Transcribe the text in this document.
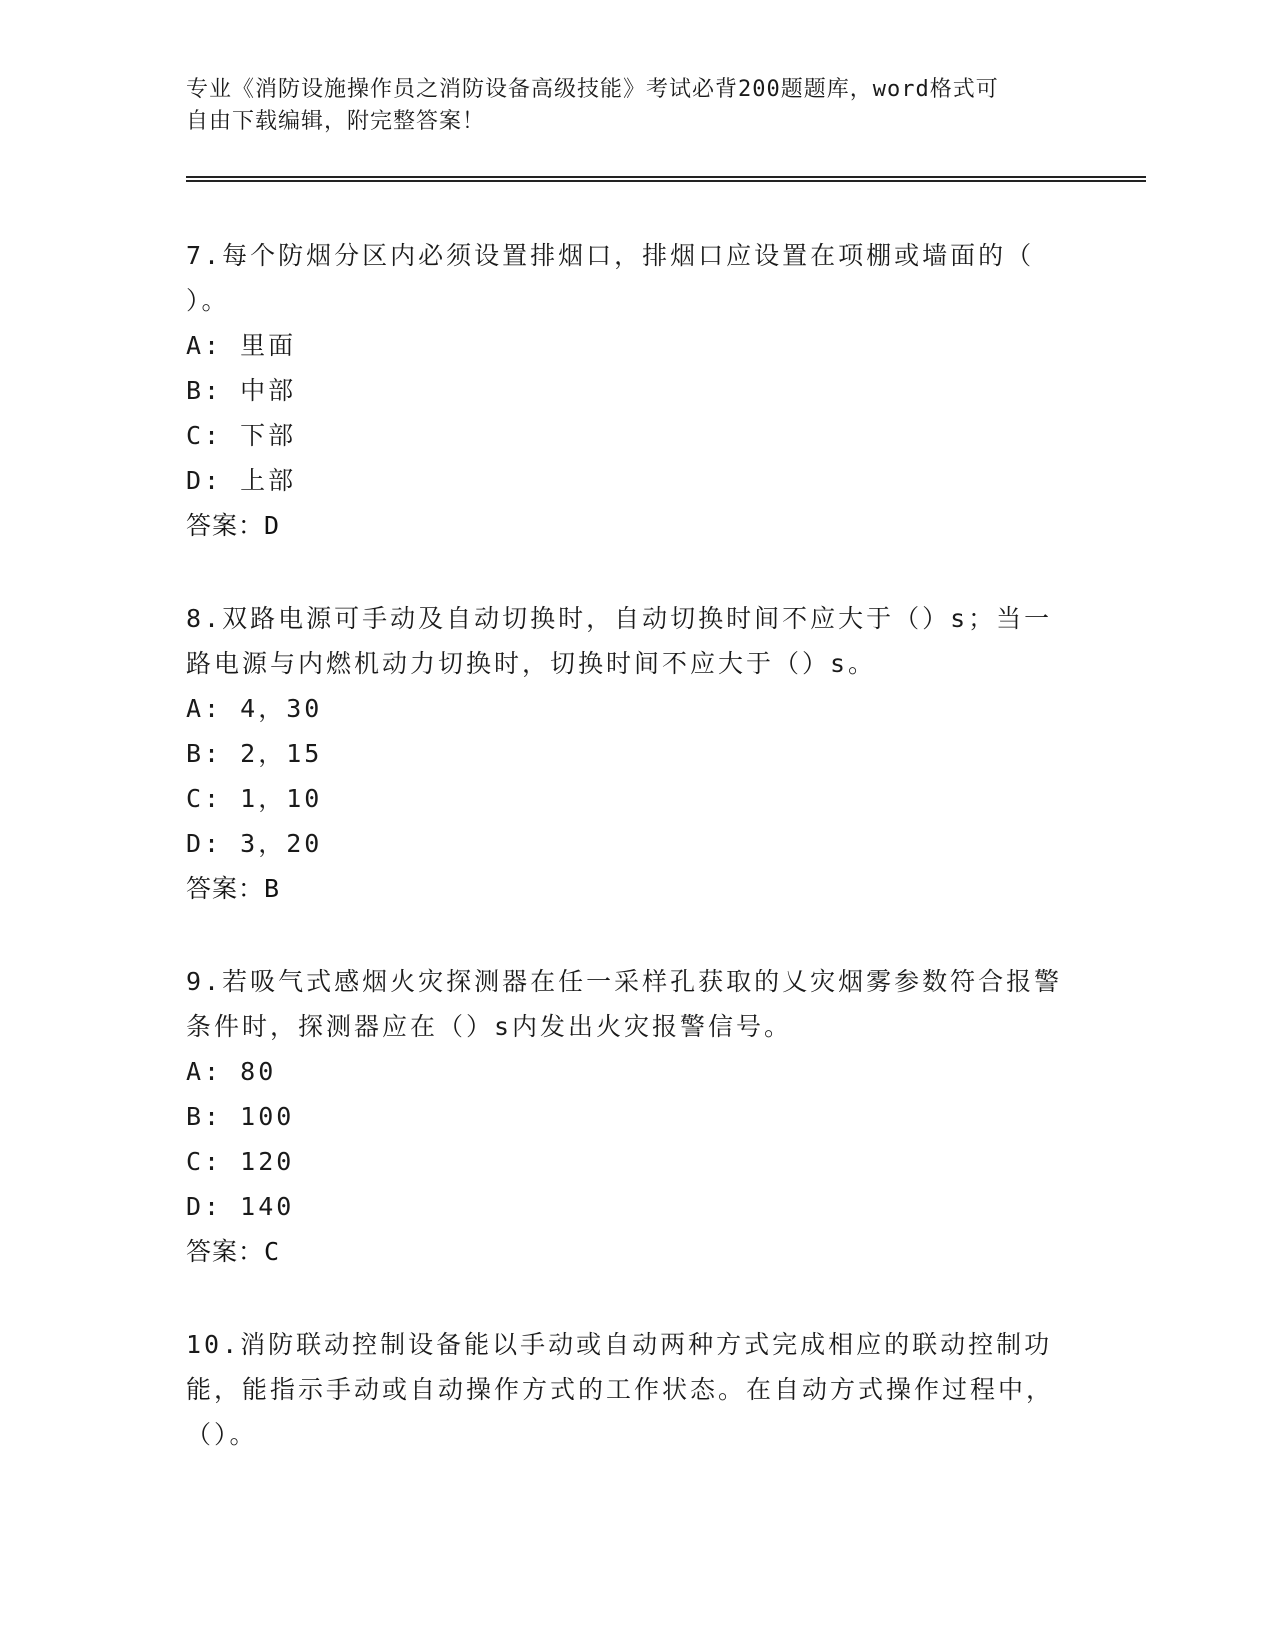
专业《消防设施操作员之消防设备高级技能》考试必背200题题库，word格式可
自由下载编辑，附完整答案！
7.每个防烟分区内必须设置排烟口，排烟口应设置在项棚或墙面的（ ）。
A: 里面
B: 中部
C: 下部
D: 上部
答案：D
8.双路电源可手动及自动切换时，自动切换时间不应大于（）s；当一路电源与内燃机动力切换时，切换时间不应大于（）s。
A: 4，30
B: 2，15
C: 1，10
D: 3，20
答案：B
9.若吸气式感烟火灾探测器在任一采样孔获取的乂灾烟雾参数符合报警条件时，探测器应在（）s内发出火灾报警信号。
A: 80
B: 100
C: 120
D: 140
答案：C
10.消防联动控制设备能以手动或自动两种方式完成相应的联动控制功能，能指示手动或自动操作方式的工作状态。在自动方式操作过程中，（）。
